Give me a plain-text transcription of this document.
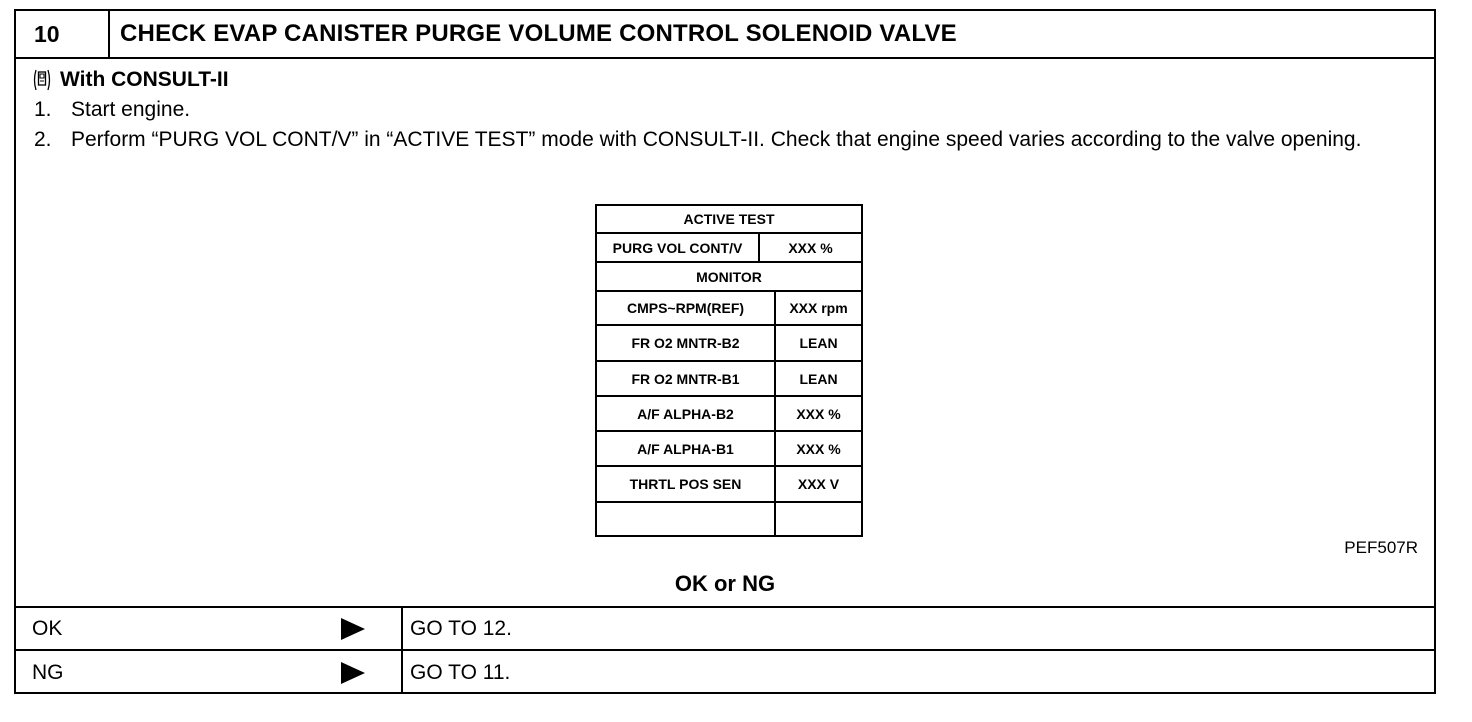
10	CHECK EVAP CANISTER PURGE VOLUME CONTROL SOLENOID VALVE
With CONSULT-II
1. Start engine.
2. Perform “PURG VOL CONT/V” in “ACTIVE TEST” mode with CONSULT-II. Check that engine speed varies according to the valve opening.
ACTIVE TEST
PURG VOL CONT/V	XXX %
MONITOR
CMPS~RPM(REF)	XXX rpm
FR O2 MNTR-B2	LEAN
FR O2 MNTR-B1	LEAN
A/F ALPHA-B2	XXX %
A/F ALPHA-B1	XXX %
THRTL POS SEN	XXX V
PEF507R
OK or NG
OK	GO TO 12.
NG	GO TO 11.
